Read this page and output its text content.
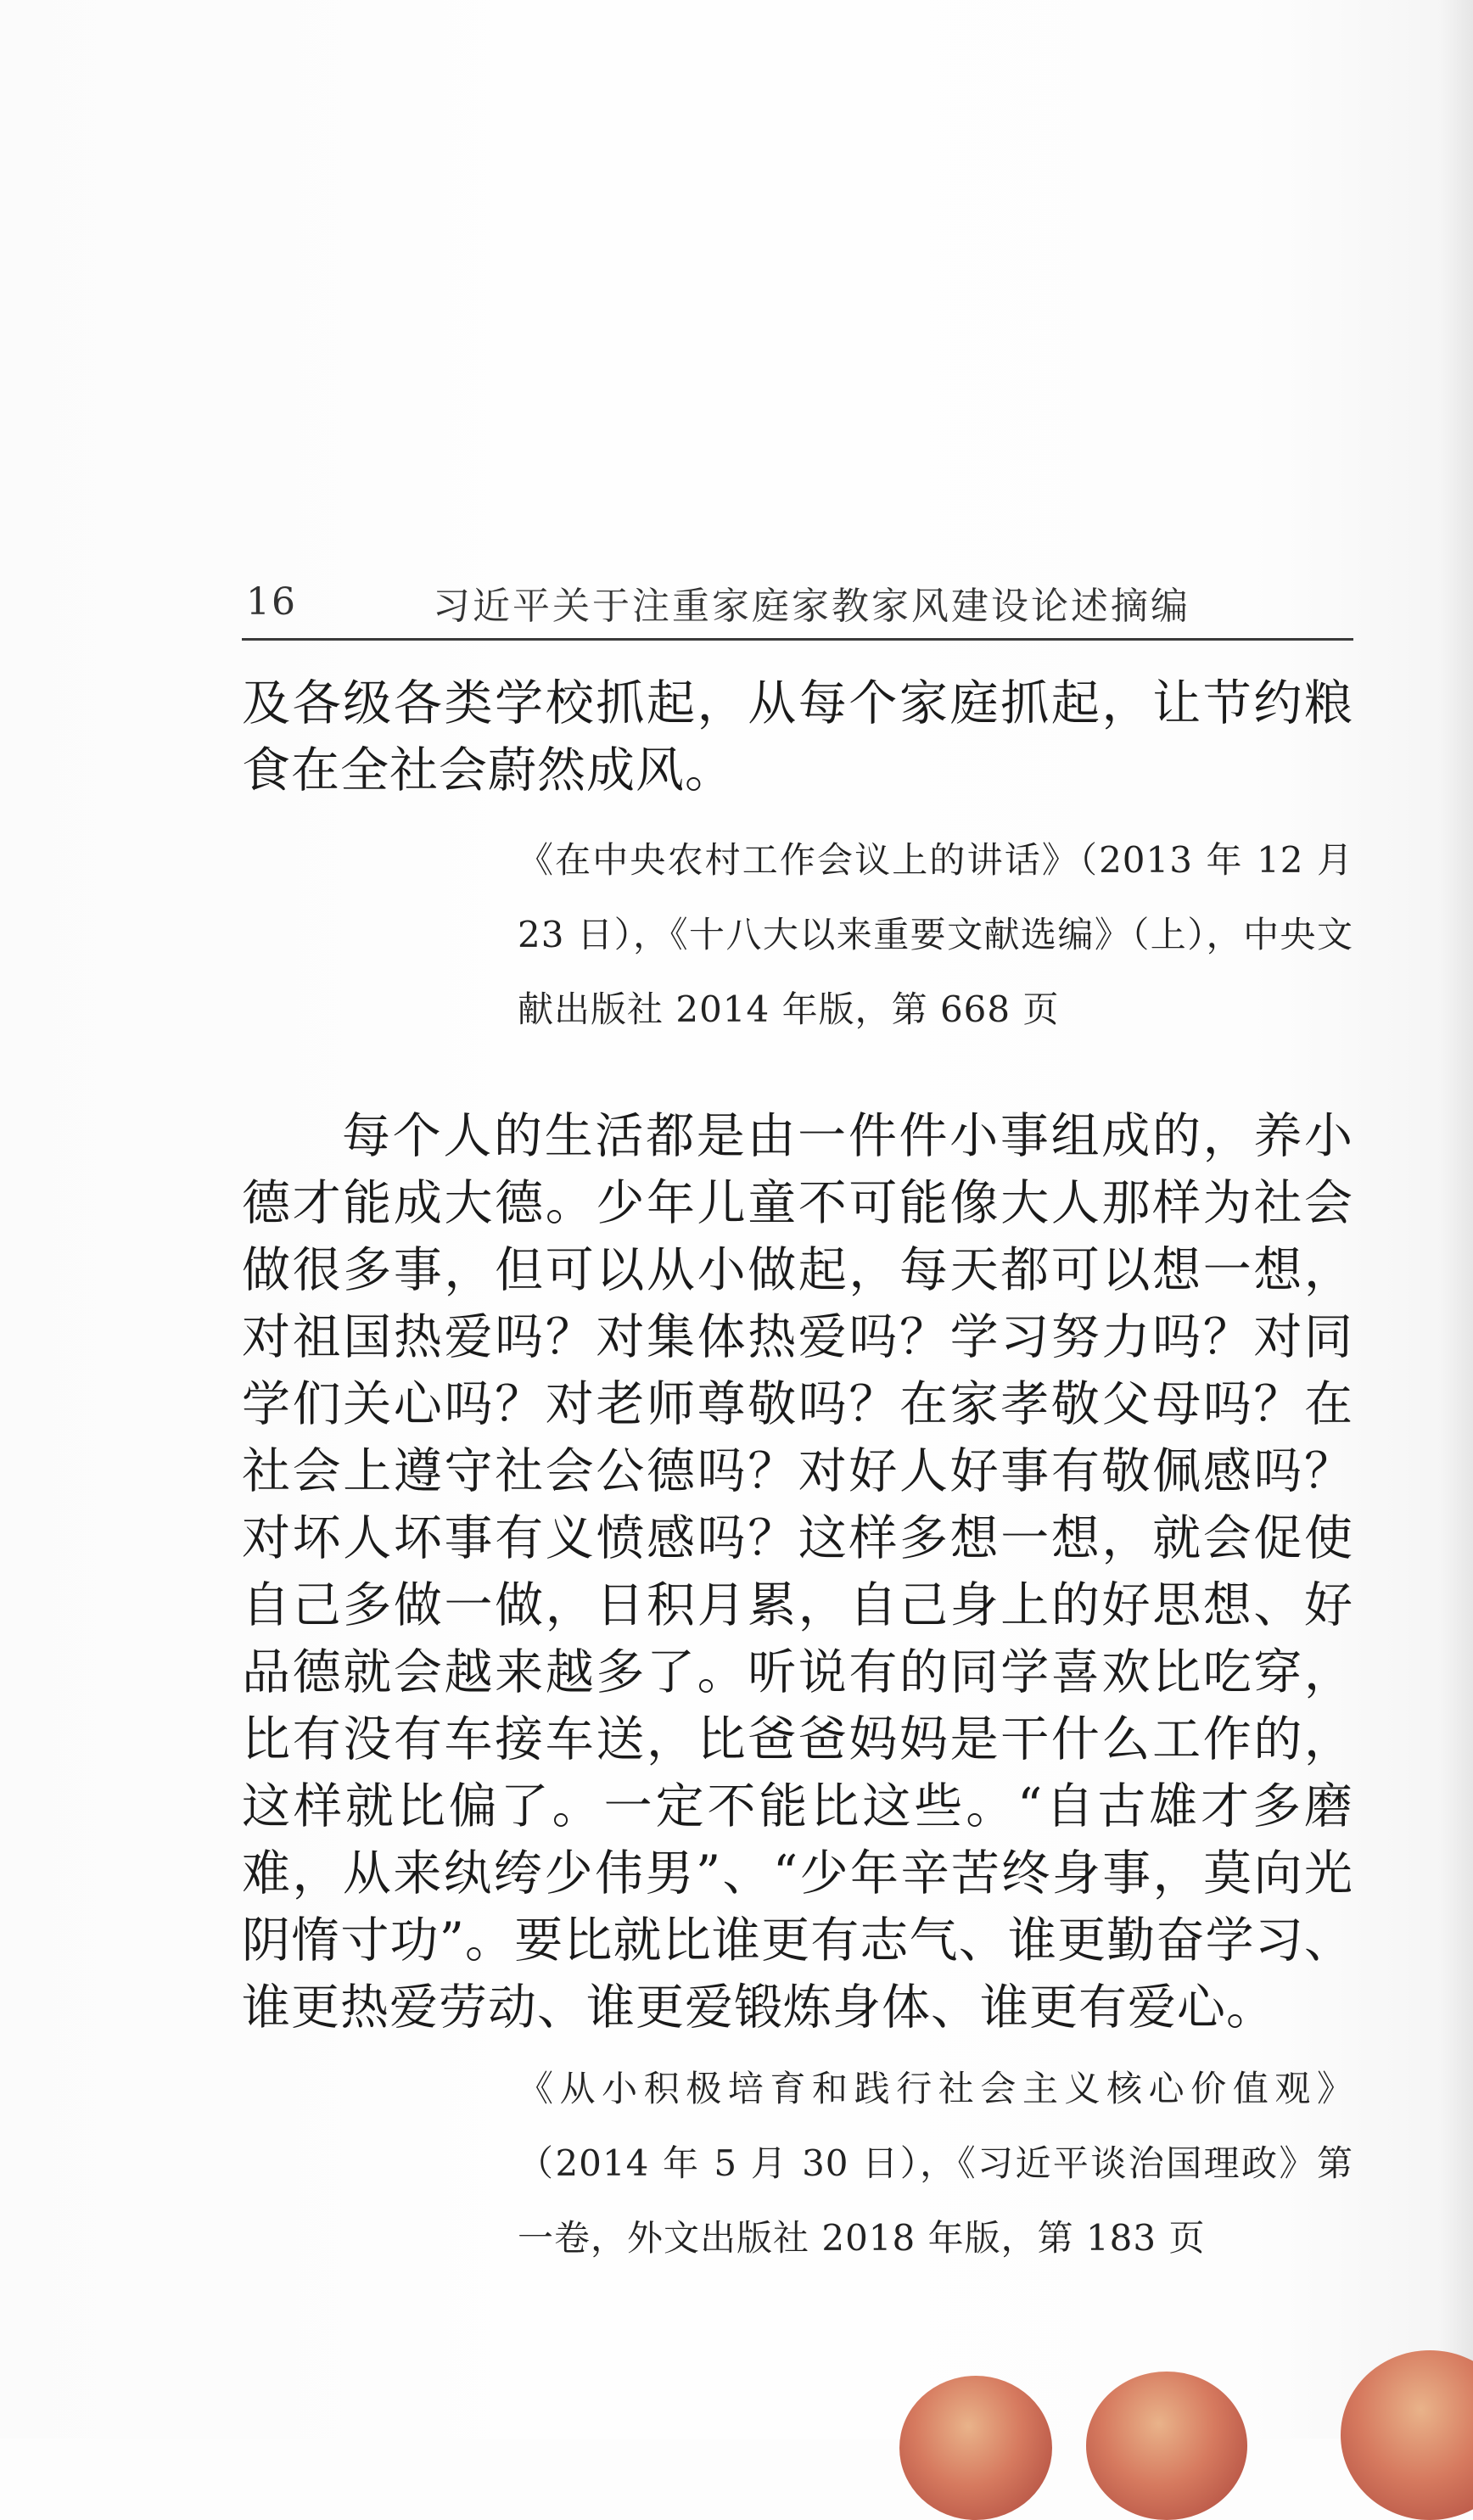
16	习近平关于注重家庭家教家风建设论述摘编

及各级各类学校抓起，从每个家庭抓起，让节约粮食在全社会蔚然成风。

《在中央农村工作会议上的讲话》（2013 年 12 月 23 日），《十八大以来重要文献选编》（上），中央文献出版社 2014 年版，第 668 页

每个人的生活都是由一件件小事组成的，养小德才能成大德。少年儿童不可能像大人那样为社会做很多事，但可以从小做起，每天都可以想一想，对祖国热爱吗？对集体热爱吗？学习努力吗？对同学们关心吗？对老师尊敬吗？在家孝敬父母吗？在社会上遵守社会公德吗？对好人好事有敬佩感吗？对坏人坏事有义愤感吗？这样多想一想，就会促使自己多做一做，日积月累，自己身上的好思想、好品德就会越来越多了。听说有的同学喜欢比吃穿，比有没有车接车送，比爸爸妈妈是干什么工作的，这样就比偏了。一定不能比这些。“自古雄才多磨难，从来纨绔少伟男”、“少年辛苦终身事，莫向光阴惰寸功”。要比就比谁更有志气、谁更勤奋学习、谁更热爱劳动、谁更爱锻炼身体、谁更有爱心。

《从小积极培育和践行社会主义核心价值观》（2014 年 5 月 30 日），《习近平谈治国理政》第一卷，外文出版社 2018 年版，第 183 页
